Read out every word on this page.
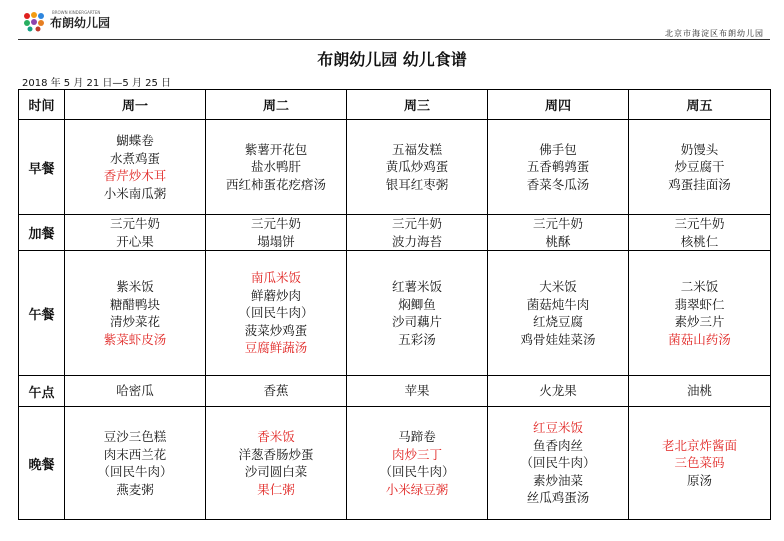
布朗幼儿园
BROWN KINDERGARTEN
北京市海淀区布朗幼儿园
布朗幼儿园 幼儿食谱
2018 年 5 月 21 日—5 月 25 日
时间	周一	周二	周三	周四	周五
早餐	蝴蝶卷
水煮鸡蛋
香芹炒木耳
小米南瓜粥	紫薯开花包
盐水鸭肝
西红柿蛋花疙瘩汤	五福发糕
黄瓜炒鸡蛋
银耳红枣粥	佛手包
五香鹌鹑蛋
香菜冬瓜汤	奶馒头
炒豆腐干
鸡蛋挂面汤

加餐	三元牛奶
开心果	三元牛奶
塌塌饼	三元牛奶
波力海苔	三元牛奶
桃酥	三元牛奶
核桃仁

午餐	紫米饭
糖醋鸭块
清炒菜花
紫菜虾皮汤	南瓜米饭
鲜蘑炒肉
（回民牛肉）
菠菜炒鸡蛋
豆腐鲜蔬汤	红薯米饭
焖鲫鱼
沙司藕片
五彩汤	大米饭
菌菇炖牛肉
红烧豆腐
鸡骨娃娃菜汤	二米饭
翡翠虾仁
素炒三片
菌菇山药汤

午点	哈密瓜	香蕉	苹果	火龙果	油桃

晚餐	豆沙三色糕
肉末西兰花
（回民牛肉）
燕麦粥	香米饭
洋葱香肠炒蛋
沙司圆白菜
果仁粥	马蹄卷
肉炒三丁
（回民牛肉）
小米绿豆粥	红豆米饭
鱼香肉丝
（回民牛肉）
素炒油菜
丝瓜鸡蛋汤	老北京炸酱面
三色菜码
原汤
